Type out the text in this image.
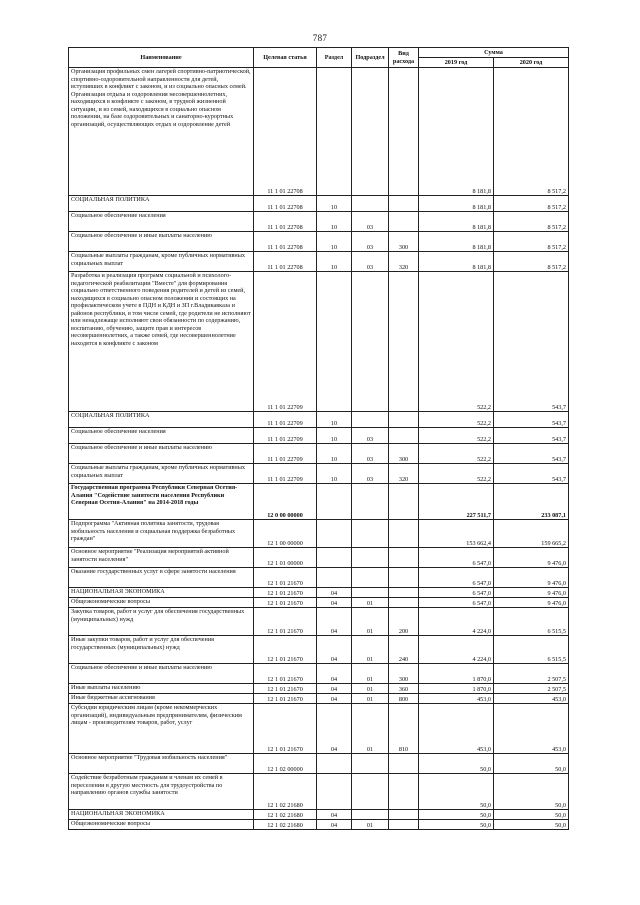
787
Наименование	Целевая статья	Раздел	Подраздел	Вид расхода	Сумма	
					2019 год	2020 год
Организация профильных смен лагерей спортивно-патриотической, спортивно-оздоровительной направленности для детей, вступивших в конфликт с законом, и из социально опасных семей. Организация отдыха и оздоровления несовершеннолетних, находящихся в конфликте с законом, в трудной жизненной ситуации, и из семей, находящихся в социально опасном положении, на базе оздоровительных и санаторно-курортных организаций, осуществляющих отдых и оздоровление детей	11 1 01 22708				8 181,8	8 517,2
СОЦИАЛЬНАЯ ПОЛИТИКА	11 1 01 22708	10			8 181,8	8 517,2
Социальное обеспечение населения	11 1 01 22708	10	03		8 181,8	8 517,2
Социальное обеспечение и иные выплаты населению	11 1 01 22708	10	03	300	8 181,8	8 517,2
Социальные выплаты гражданам, кроме публичных нормативных социальных выплат	11 1 01 22708	10	03	320	8 181,8	8 517,2
Разработка и реализация программ социальной и психолого-педагогической реабилитации "Вместе" для формирования социально ответственного поведения родителей и детей из семей, находящихся в социально опасном положении и состоящих на профилактическом учете в ПДН и КДН и ЗП г.Владикавказа и районов республики, в том числе семей, где родители не исполняют или ненадлежаще исполняют свои обязанности по содержанию, воспитанию, обучению, защите прав и интересов несовершеннолетних, а также семей, где несовершеннолетние находятся в конфликте с законом	11 1 01 22709				522,2	543,7
СОЦИАЛЬНАЯ ПОЛИТИКА	11 1 01 22709	10			522,2	543,7
Социальное обеспечение населения	11 1 01 22709	10	03		522,2	543,7
Социальное обеспечение и иные выплаты населению	11 1 01 22709	10	03	300	522,2	543,7
Социальные выплаты гражданам, кроме публичных нормативных социальных выплат	11 1 01 22709	10	03	320	522,2	543,7
Государственная программа Республики Северная Осетия-Алания "Содействие занятости населения Республики Северная Осетия-Алания" на 2014-2018 годы	12 0 00 00000				227 511,7	233 087,1
Подпрограмма "Активная политика занятости, трудовая мобильность населения и социальная поддержка безработных граждан"	12 1 00 00000				153 662,4	159 665,2
Основное мероприятие "Реализация мероприятий активной занятости населения"	12 1 01 00000				6 547,0	9 476,0
Оказание государственных услуг в сфере занятости населения	12 1 01 21670				6 547,0	9 476,0
НАЦИОНАЛЬНАЯ ЭКОНОМИКА	12 1 01 21670	04			6 547,0	9 476,0
Общеэкономические вопросы	12 1 01 21670	04	01		6 547,0	9 476,0
Закупка товаров, работ и услуг для обеспечения государственных (муниципальных) нужд	12 1 01 21670	04	01	200	4 224,0	6 515,5
Иные закупки товаров, работ и услуг для обеспечения государственных (муниципальных) нужд	12 1 01 21670	04	01	240	4 224,0	6 515,5
Социальное обеспечение и иные выплаты населению	12 1 01 21670	04	01	300	1 870,0	2 507,5
Иные выплаты населению	12 1 01 21670	04	01	360	1 870,0	2 507,5
Иные бюджетные ассигнования	12 1 01 21670	04	01	800	453,0	453,0
Субсидии юридическим лицам (кроме некоммерческих организаций), индивидуальным предпринимателям, физическим лицам - производителям товаров, работ, услуг	12 1 01 21670	04	01	810	453,0	453,0
Основное мероприятие "Трудовая мобильность населения"	12 1 02 00000				50,0	50,0
Содействие безработным гражданам и членам их семей в переселении в другую местность для трудоустройства по направлению органов службы занятости	12 1 02 21680				50,0	50,0
НАЦИОНАЛЬНАЯ ЭКОНОМИКА	12 1 02 21680	04			50,0	50,0
Общеэкономические вопросы	12 1 02 21680	04	01		50,0	50,0
